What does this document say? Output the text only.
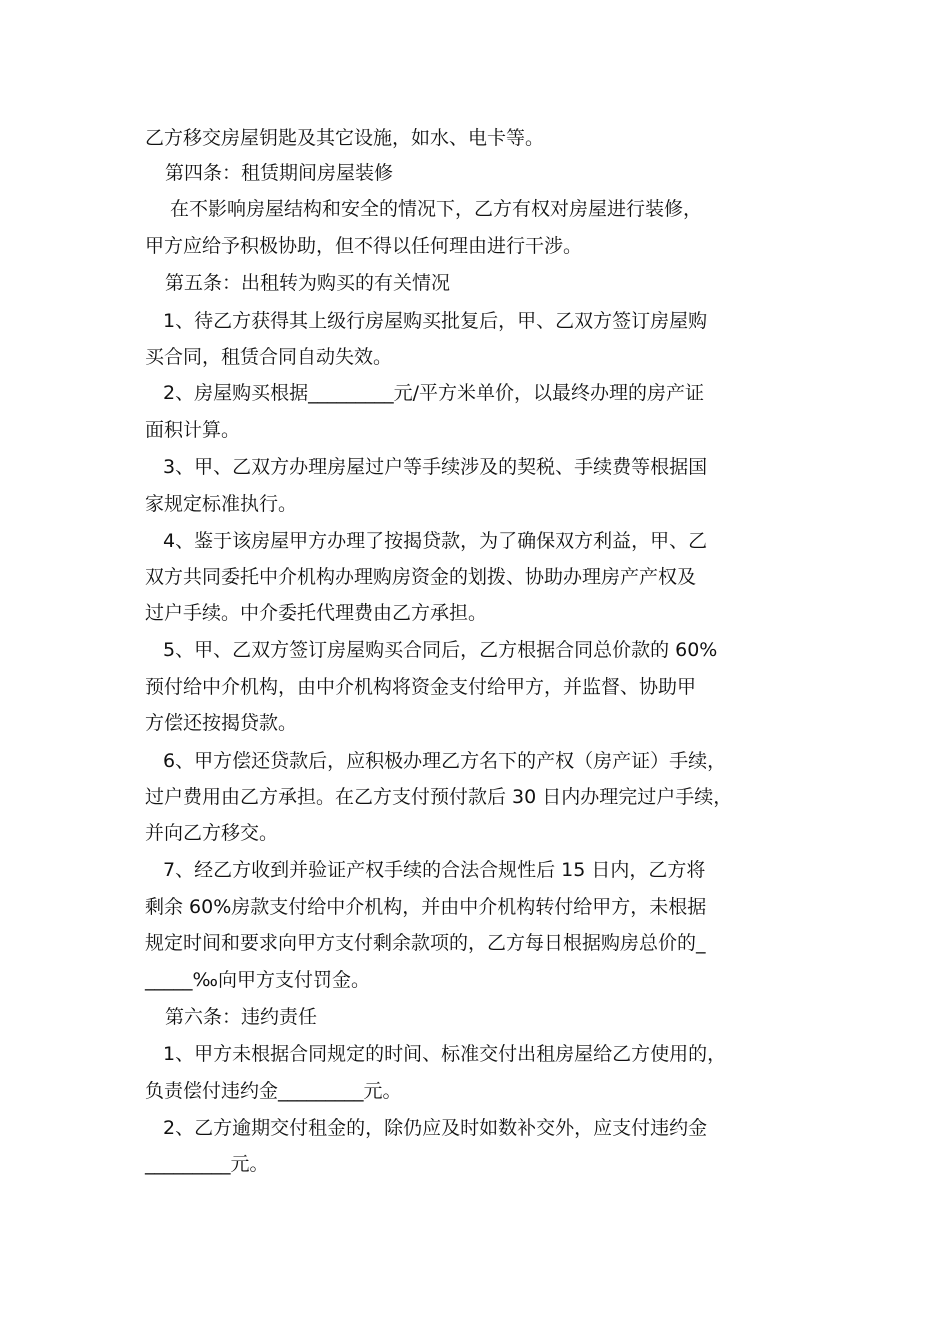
乙方移交房屋钥匙及其它设施，如水、电卡等。
第四条：租赁期间房屋装修
在不影响房屋结构和安全的情况下，乙方有权对房屋进行装修，
甲方应给予积极协助，但不得以任何理由进行干涉。
第五条：出租转为购买的有关情况
1、待乙方获得其上级行房屋购买批复后，甲、乙双方签订房屋购
买合同，租赁合同自动失效。
2、房屋购买根据_________元/平方米单价，以最终办理的房产证
面积计算。
3、甲、乙双方办理房屋过户等手续涉及的契税、手续费等根据国
家规定标准执行。
4、鉴于该房屋甲方办理了按揭贷款，为了确保双方利益，甲、乙
双方共同委托中介机构办理购房资金的划拨、协助办理房产产权及
过户手续。中介委托代理费由乙方承担。
5、甲、乙双方签订房屋购买合同后，乙方根据合同总价款的 60%
预付给中介机构，由中介机构将资金支付给甲方，并监督、协助甲
方偿还按揭贷款。
6、甲方偿还贷款后，应积极办理乙方名下的产权（房产证）手续，
过户费用由乙方承担。在乙方支付预付款后 30 日内办理完过户手续，
并向乙方移交。
7、经乙方收到并验证产权手续的合法合规性后 15 日内，乙方将
剩余 60%房款支付给中介机构，并由中介机构转付给甲方，未根据
规定时间和要求向甲方支付剩余款项的，乙方每日根据购房总价的_
_____‰向甲方支付罚金。
第六条：违约责任
1、甲方未根据合同规定的时间、标准交付出租房屋给乙方使用的，
负责偿付违约金_________元。
2、乙方逾期交付租金的，除仍应及时如数补交外，应支付违约金
_________元。
